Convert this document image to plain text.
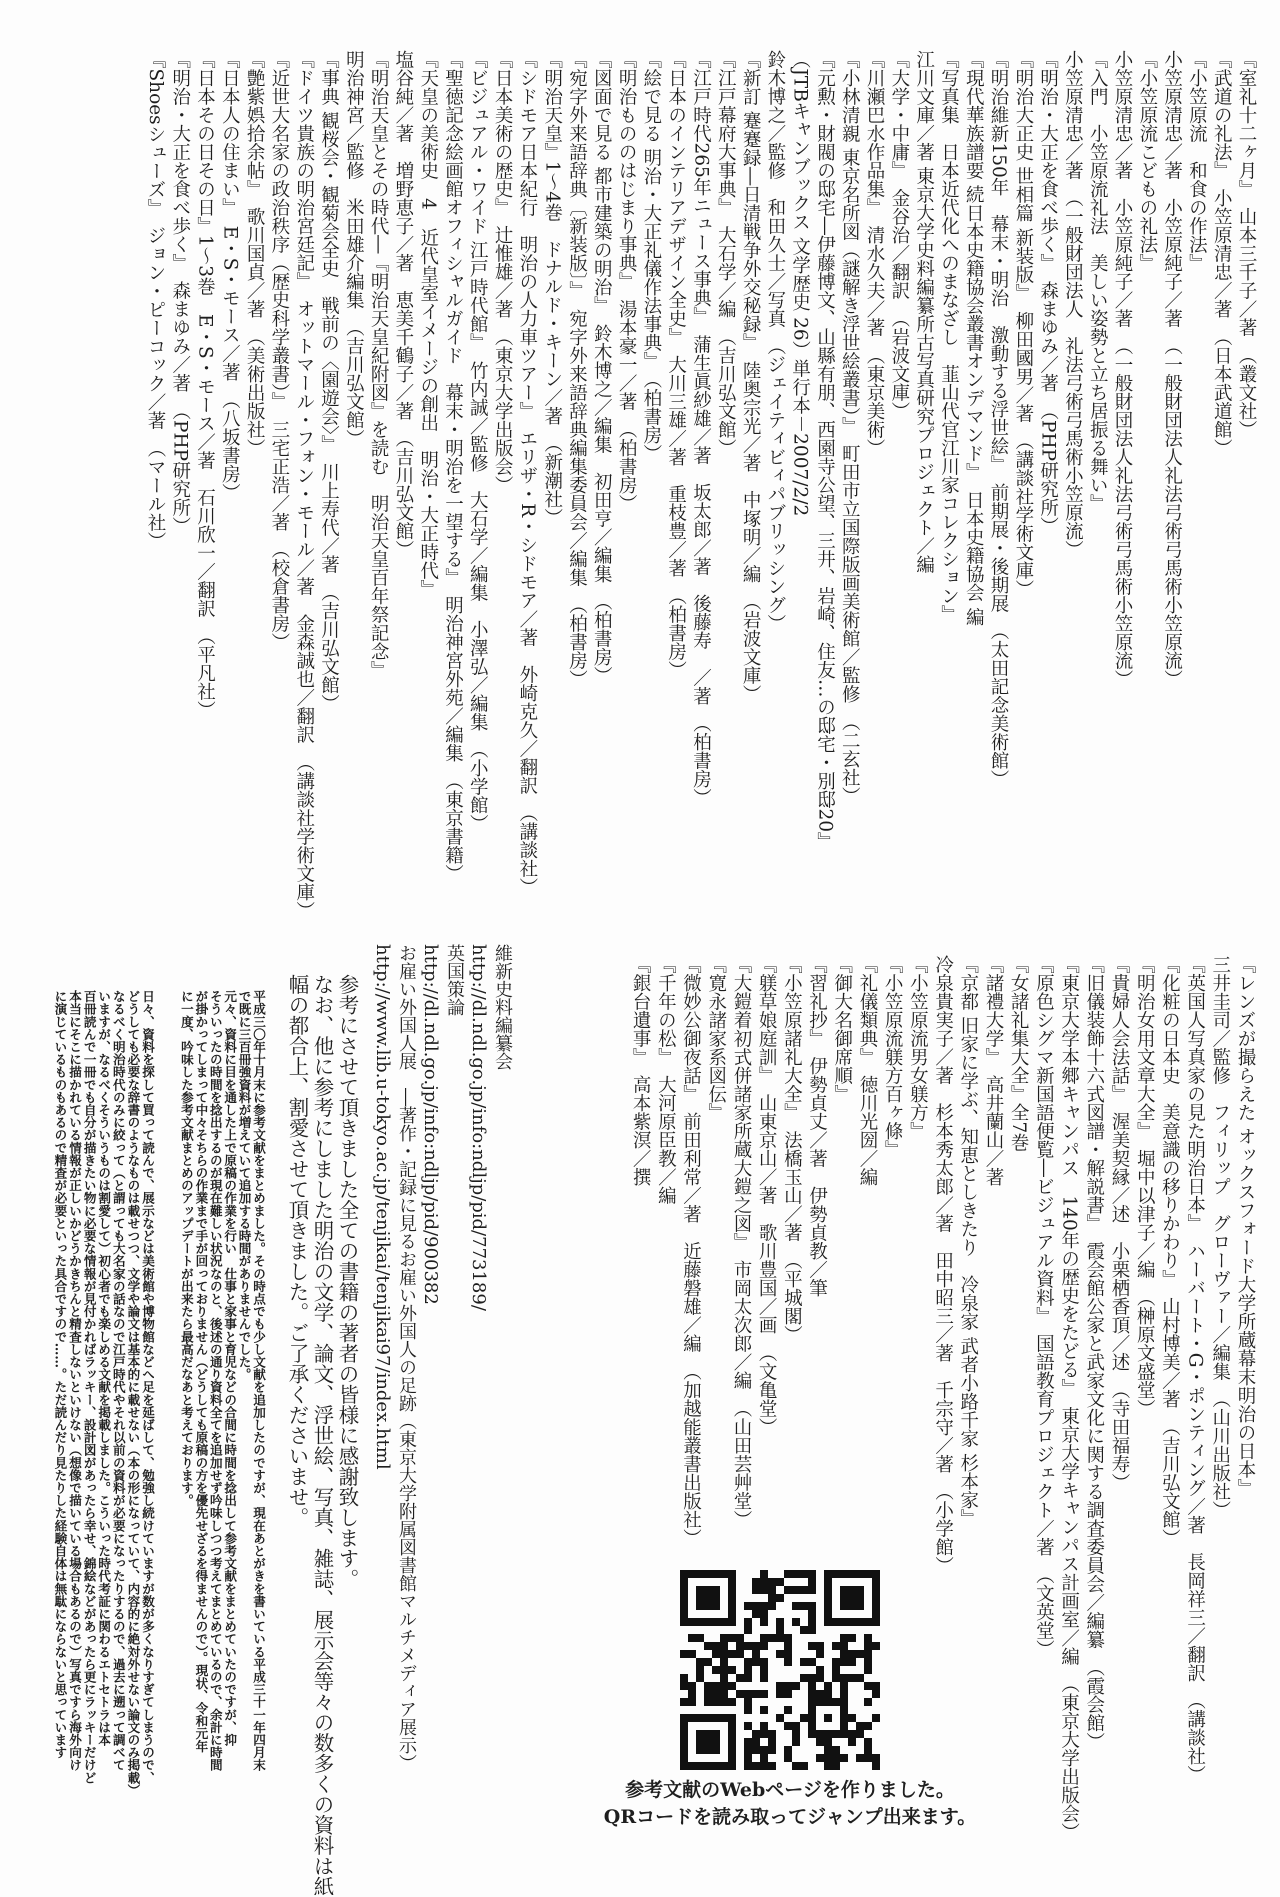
『室礼十二ヶ月』　山本三千子／著　（叢文社）
『武道の礼法』　小笠原清忠／著　（日本武道館）
『小笠原流　和食の作法』
小笠原清忠／著　小笠原純子／著　（一般財団法人礼法弓術弓馬術小笠原流）
『小笠原流こどもの礼法』
小笠原清忠／著　小笠原純子／著　（一般財団法人礼法弓術弓馬術小笠原流）
『入門　小笠原流礼法　美しい姿勢と立ち居振る舞い』
小笠原清忠／著　（一般財団法人　礼法弓術弓馬術小笠原流）
『明治・大正を食べ歩く』　森まゆみ／著　（PHP研究所）
『明治大正史 世相篇 新装版』　柳田國男／著　（講談社学術文庫）
『明治維新150年　幕末・明治　激動する浮世絵』　前期展・後期展　（太田記念美術館）
『現代華族譜要 続日本史籍協会叢書オンデマンド』　日本史籍協会 編
『写真集　日本近代化へのまなざし　韮山代官江川家コレクション』
江川文庫／著 東京大学史料編纂所古写真研究プロジェクト／編
『大学・中庸』　金谷治／翻訳　（岩波文庫）
『川瀬巴水作品集』　清水久夫／著　（東京美術）
『小林清親 東京名所図（謎解き浮世絵叢書）』　町田市立国際版画美術館／監修　（二玄社）
『元勲・財閥の邸宅―伊藤博文、山縣有朋、西園寺公望、三井、岩崎、住友…の邸宅・別邸20』
（JTBキャンブックス 文学歴史 26）単行本－2007/2/2
鈴木博之／監修　和田久士／写真　（ジェイティビィパブリッシング）
『新訂 蹇蹇録―日清戦争外交秘録』　陸奥宗光／著　中塚明／編　（岩波文庫）
『江戸幕府大事典』　大石学／編　（吉川弘文館）
『江戸時代265年ニュース事典』　蒲生眞紗雄／著　坂太郎／著　後藤寿　／著　（柏書房）
『日本のインテリアデザイン全史』　大川三雄／著　重枝豊／著　（柏書房）
『絵で見る 明治・大正礼儀作法事典』　（柏書房）
『明治もののはじまり事典』　湯本豪一／著　（柏書房）
『図面で見る 都市建築の明治』　鈴木博之／編集　初田亨／編集　（柏書房）
『宛字外来語辞典〔新装版〕』　宛字外来語辞典編集委員会／編集　（柏書房）
『明治天皇』1〜4巻　ドナルド・キーン／著　（新潮社）
『シドモア日本紀行　明治の人力車ツアー』　エリザ・R・シドモア／著　外崎克久／翻訳　（講談社）
『日本美術の歴史』　辻惟雄／著　（東京大学出版会）
『ビジュアル・ワイド 江戸時代館』　竹内誠／監修　大石学／編集　小澤弘／編集　（小学館）
『聖徳記念絵画館オフィシャルガイド　幕末・明治を一望する』　明治神宮外苑／編集　（東京書籍）
『天皇の美術史　4　近代皇室イメージの創出　明治・大正時代』
塩谷純／著　増野恵子／著　恵美千鶴子／著　（吉川弘文館）
『明治天皇とその時代―『明治天皇紀附図』を読む　明治天皇百年祭記念』
明治神宮／監修　米田雄介編集　（吉川弘文館）
『事典 観桜会・観菊会全史　戦前の〈園遊会〉』　川上寿代／著　（吉川弘文館）
『ドイツ貴族の明治宮廷記』　オットマール・フォン・モール／著　金森誠也／翻訳　（講談社学術文庫）
『近世大名家の政治秩序（歴史科学叢書）』　三宅正浩／著　（校倉書房）
『艶紫娯拾余帖』　歌川国貞／著　（美術出版社）
『日本人の住まい』　E・S・モース／著　（八坂書房）
『日本その日その日』1〜3巻　E・S・モース／著　石川欣一／翻訳　（平凡社）
『明治・大正を食べ歩く』　森まゆみ／著　（PHP研究所）
『Shoesシューズ』　ジョン・ピーコック／著　（マール社）
『レンズが撮らえた オックスフォード大学所蔵幕末明治の日本』
三井圭司／監修　フィリップ　グローヴァー／編集　（山川出版社）
『英国人写真家の見た明治日本』　ハーバート・G・ポンティング／著　長岡祥三／翻訳　（講談社）
『化粧の日本史　美意識の移りかわり』　山村博美／著　（吉川弘文館）
『明治女用文章大全』　堀中以津子／編　（榊原文盛堂）
『貴婦人会法話』　渥美契縁／述　小栗栖香頂／述　（寺田福寿）
『旧儀装飾十六式図譜・解説書』　霞会館公家と武家文化に関する調査委員会／編纂　（霞会館）
『東京大学本郷キャンパス　140年の歴史をたどる』　東京大学キャンパス計画室／編　（東京大学出版会）
『原色シグマ新国語便覧―ビジュアル資料』　国語教育プロジェクト／著　（文英堂）
『女諸礼集大全』全7巻
『諸禮大学』　高井蘭山／著
『京都 旧家に学ぶ、知恵としきたり　冷泉家 武者小路千家 杉本家』
冷泉貴実子／著　杉本秀太郎／著　田中昭三／著　千宗守／著　（小学館）
『小笠原流男女躾方』
『小笠原流躾方百ヶ條』
『礼儀類典』　徳川光圀／編
『御大名御席順』
『習礼抄』　伊勢貞丈／著　伊勢貞教／筆
『小笠原諸礼大全』　法橋玉山／著　（平城閣）
『躾草娘庭訓』　山東京山／著　歌川豊国／画　（文亀堂）
『大鎧着初式併諸家所蔵大鎧之図』　市岡太次郎／編　（山田芸艸堂）
『寛永諸家系図伝』
『微妙公御夜話』　前田利常／著　近藤磐雄／編　（加越能叢書出版社）
『千年の松』　大河原臣教／編
『銀台遺事』　高本紫溟／撰
維新史料編纂会
http://dl.ndl.go.jp/info:ndljp/pid/773189/
英国策論
http://dl.ndl.go.jp/info:ndljp/pid/900382
お雇い外国人展　―著作・記録に見るお雇い外国人の足跡（東京大学附属図書館マルチメディア展示）
http://www.lib.u-tokyo.ac.jp/tenjikai/tenjikai97/index.html
参考にさせて頂きました全ての書籍の著者の皆様に感謝致します。
なお、他に参考にしました明治の文学、論文、浮世絵、写真、雑誌、展示会等々の数多くの資料は紙
幅の都合上、割愛させて頂きました。ご了承くださいませ。
平成三〇年十月末に参考文献をまとめました。その時点でも少し文献を追加したのですが、現在あとがきを書いている平成三十一年四月末
で既に三百冊強資料が増えていて追加する時間がありませんでした。
元々、資料に目を通した上で原稿の作業を行い　仕事と家事と育児などの合間に時間を捻出して参考文献をまとめていたのですが、抑
そういったの時間を捻出するのが現在難しい状況なのと、後述の通り資料全てを追加せず吟味しつつ考えてまとめているので、余計に時間
が掛かってしまって中々そちらの作業まで手が回っておりません（どうしても原稿の方を優先せざるを得ませんので）。現状、令和元年
に一度、吟味した参考文献まとめのアップデートが出来たら最高だなあと考えております。
日々、資料を探して買って読んで、展示などは美術館や博物館などへ足を延ばして、勉強し続けていますが数が多くなりすぎてしまうので、
どうしても必要な辞書のようなものは載せつつ、文学や論文は基本的に載せない（本の形になっていて、内容的に絶対外せない論文のみ掲載）
なるべく明治時代のみに絞って（と謂っても大名家の話なので江戸時代やそれ以前の資料が必要になったりするので、過去に遡って調べて
いますが、なるべくそういうものは割愛して）初心者でも楽しめる文献を掲載しました。こういった時代考証に関わるエトセトラは本
百冊読んで一冊でも自分が描きたい物に必要な情報が見付かればラッキー、設計図があったら幸せ、錦絵などがあったら更にラッキーだけど
本当にそこに描かれている情報が正しいかどうかきちんと精査しないといけない（想像で描いている場合もあるので）写真ですら海外向け
に演じているものもあるので精査が必要といった具合ですので……。ただ読んだり見たりした経験自体は無駄にならないと思っています
参考文献のWebページを作りました。
QRコードを読み取ってジャンプ出来ます。
